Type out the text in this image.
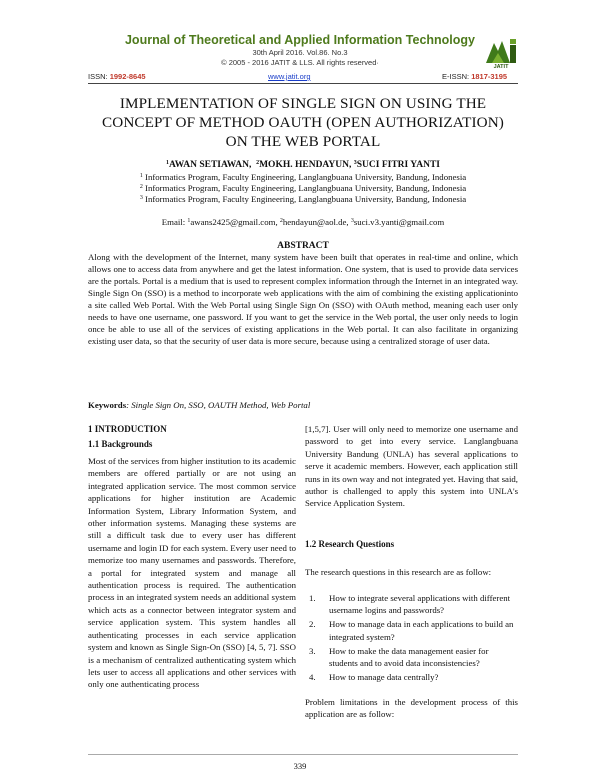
Journal of Theoretical and Applied Information Technology
30th April 2016. Vol.86. No.3
© 2005 - 2016 JATIT & LLS. All rights reserved·	JATIT
ISSN: 1992-8645	www.jatit.org	E-ISSN: 1817-3195
IMPLEMENTATION OF SINGLE SIGN ON USING THE
CONCEPT OF METHOD OAUTH (OPEN AUTHORIZATION)
ON THE WEB PORTAL
$^1$AWAN SETIAWAN, $^2$MOKH. HENDAYUN, $^3$SUCI FITRI YANTI
$^1$ Informatics Program, Faculty Engineering, Langlangbuana University, Bandung, Indonesia
$^2$ Informatics Program, Faculty Engineering, Langlangbuana University, Bandung, Indonesia
$^3$ Informatics Program, Faculty Engineering, Langlangbuana University, Bandung, Indonesia
Email: $^1$awans2425@gmail.com, $^2$hendayun@aol.de, $^3$suci.v3.yanti@gmail.com
ABSTRACT
Along with the development of the Internet, many system have been built that operates in real-time and online, which allows one to access data from anywhere and get the latest information. One system, that is used to provide data services are the portals. Portal is a medium that is used to represent complex information through the Internet in an integrated way. Single Sign On (SSO) is a method to incorporate web applications with the aim of combining the existing applicationinto a site called Web Portal. With the Web Portal using Single Sign On (SSO) with OAuth method, meaning each user only needs to have one username, one password. If you want to get the service in the Web portal, the user only needs to login once be able to use all of the services of existing applications in the Web portal. It can also facilitate in organizing existing user data, so that the security of user data is more secure, because using a centralized storage of user data.
Keywords: Single Sign On, SSO, OAUTH Method, Web Portal
1 INTRODUCTION
1.1 Backgrounds
Most of the services from higher institution to its academic members are offered partially or are not using an integrated application service. The most common service applications for higher institution are Academic Information System, Library Information System, and other information systems. Managing these systems are still a difficult task due to every user has different username and login ID for each system. Every user need to memorize too many usernames and passwords. Therefore, a portal for integrated system and manage all authentication process is required. The authentication process in an integrated system needs an additional system which acts as a connector between integrator system and service application system. This system handles all authenticating processes in each service application system and known as Single Sign-On (SSO) [4, 5, 7]. SSO is a mechanism of centralized authenticating system which lets user to access all applications and other services with only one authenticating process
[1,5,7]. User will only need to memorize one username and password to get into every service. Langlangbuana University Bandung (UNLA) has several applications to serve it academic members. However, each application still runs in its own way and not integrated yet. Having that said, author is challenged to apply this system into UNLA's Service Application System.
1.2 Research Questions
The research questions in this research are as follow:
1.	How to integrate several applications with different username logins and passwords?
2.	How to manage data in each applications to build an integrated system?
3.	How to make the data management easier for students and to avoid data inconsistencies?
4.	How to manage data centrally?
Problem limitations in the development process of this application are as follow:
339
